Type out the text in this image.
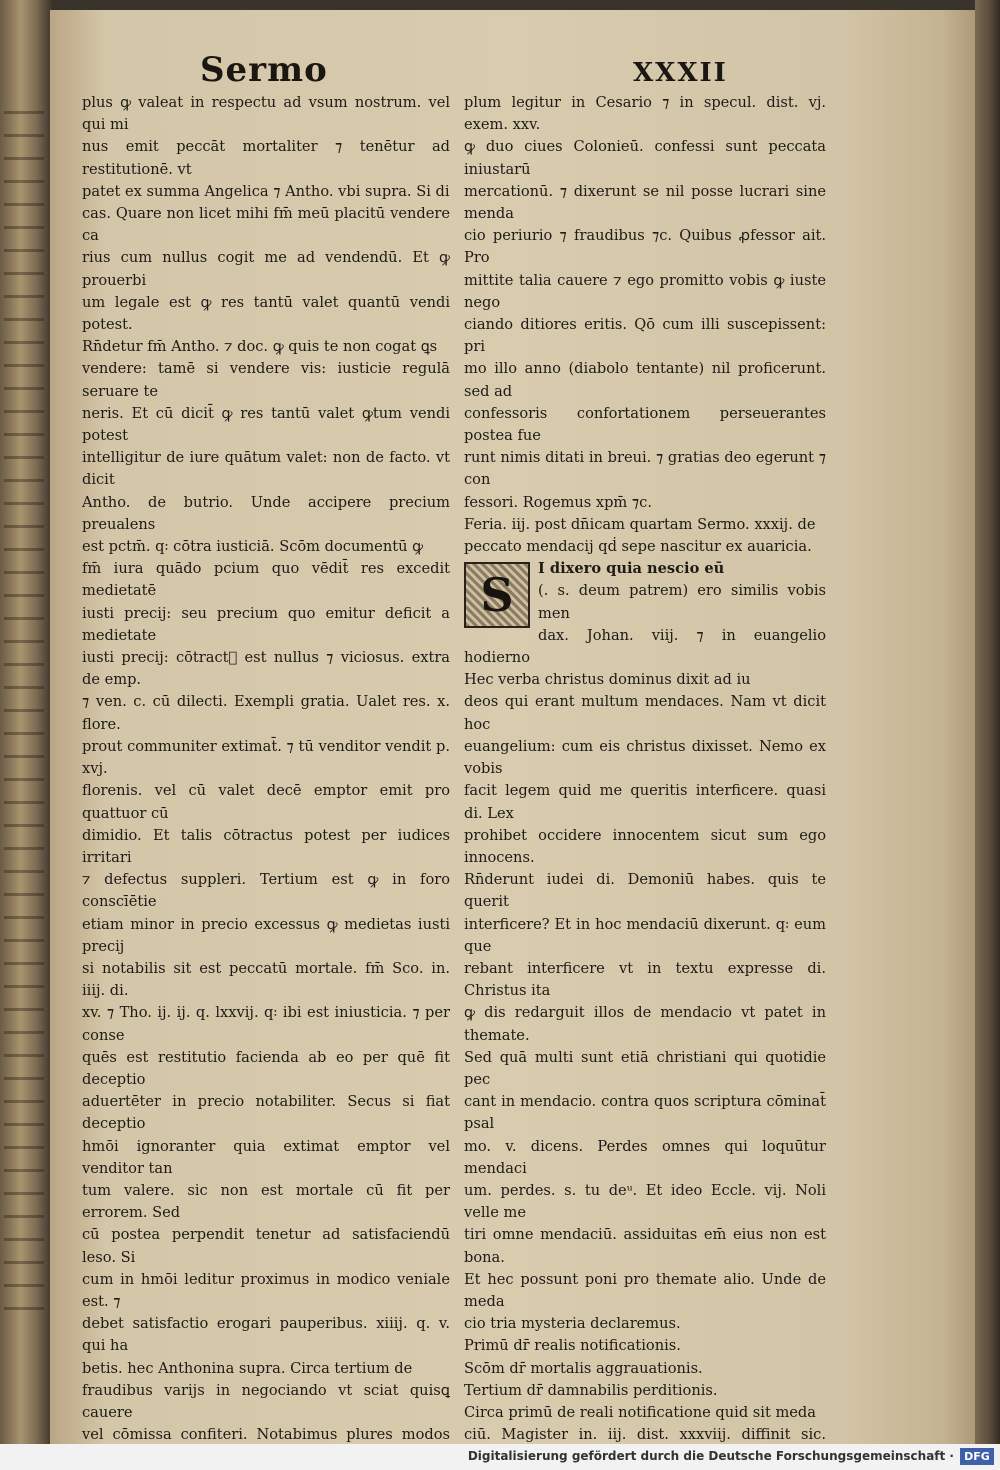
Sermo	XXXII

plus ꝙ valeat in respectu ad vsum nostrum. vel qui mi

nus emit peccāt mortaliter ⁊ tenētur ad restitutionē. vt

patet ex summa Angelica ⁊ Antho. vbi supra. Si di

cas. Quare non licet mihi fm̄ meū placitū vendere ca

rius cum nullus cogit me ad vendendū. Et ꝙ prouerbi

um legale est ꝙ res tantū valet quantū vendi potest.

Rn̄detur fm̄ Antho. ⁊ doc. ꝙ quis te non cogat ꝗs

vendere: tamē si vendere vis: iusticie regulā seruare te

neris. Et cū dicit̄ ꝙ res tantū valet ꝙtum vendi potest

intelligitur de iure quātum valet: non de facto. vt dicit

Antho. de butrio. Unde accipere precium preualens

est pctm̄. q꞉ cōtra iusticiā. Scōm documentū ꝙ

fm̄ iura quādo pcium quo vēdit̄ res excedit medietatē

iusti precij: seu precium quo emitur deficit a medietate

iusti precij: cōtract᷒ est nullus ⁊ viciosus. extra de emp.

⁊ ven. c. cū dilecti. Exempli gratia. Ualet res. x. flore.

prout communiter extimat̄. ⁊ tū venditor vendit p. xvj.

florenis. vel cū valet decē emptor emit pro quattuor cū

dimidio. Et talis cōtractus potest per iudices irritari

⁊ defectus suppleri. Tertium est ꝙ in foro conscīētie

etiam minor in precio excessus ꝙ medietas iusti precij

si notabilis sit est peccatū mortale. fm̄ Sco. in. iiij. di.

xv. ⁊ Tho. ij. ij. q. lxxvij. q꞉ ibi est iniusticia. ⁊ per conse

quēs est restitutio facienda ab eo per quē fit deceptio

aduertēter in precio notabiliter. Secus si fiat deceptio

hmōi ignoranter quia extimat emptor vel venditor tan

tum valere. sic non est mortale cū fit per errorem. Sed

cū postea perpendit tenetur ad satisfaciendū leso. Si

cum in hmōi leditur proximus in modico veniale est. ⁊

debet satisfactio erogari pauperibus. xiiij. q. v. qui ha

betis. hec Anthonina supra. Circa tertium de

fraudibus varijs in negociando vt sciat quisꝗ cauere

vel cōmissa confiteri. Notabimus plures modos

plum legitur in Cesario ⁊ in specul. dist. vj. exem. xxv.

ꝙ duo ciues Colonieū. confessi sunt peccata iniustarū

mercationū. ⁊ dixerunt se nil posse lucrari sine menda

cio periurio ⁊ fraudibus ⁊c. Quibus ꝓfessor ait. Pro

mittite talia cauere ⁊ ego promitto vobis ꝙ iuste nego

ciando ditiores eritis. Qō cum illi suscepissent: pri

mo illo anno (diabolo tentante) nil proficerunt. sed ad

confessoris confortationem perseuerantes postea fue

runt nimis ditati in breui. ⁊ gratias deo egerunt ⁊ con

fessori. Rogemus xpm̄ ⁊c.

Feria. iij. post dn̄icam quartam Sermo. xxxij. de

peccato mendacij qḋ sepe nascitur ex auaricia.

S	I dixero quia nescio eū

(. s. deum patrem) ero similis vobis men

dax. Johan. viij. ⁊ in euangelio hodierno

Hec verba christus dominus dixit ad iu

deos qui erant multum mendaces. Nam vt dicit hoc

euangelium: cum eis christus dixisset. Nemo ex vobis

facit legem quid me queritis interficere. quasi di. Lex

prohibet occidere innocentem sicut sum ego innocens.

Rn̄derunt iudei di. Demoniū habes. quis te querit

interficere? Et in hoc mendaciū dixerunt. q꞉ eum que

rebant interficere vt in textu expresse di. Christus ita

ꝙ dis redarguit illos de mendacio vt patet in themate.

Sed quā multi sunt etiā christiani qui quotidie pec

cant in mendacio. contra quos scriptura cōminat̄ psal

mo. v. dicens. Perdes omnes qui loquūtur mendaci

um. perdes. s. tu deᵘ. Et ideo Eccle. vij. Noli velle me

tiri omne mendaciū. assiduitas em̄ eius non est bona.

Et hec possunt poni pro themate alio. Unde de meda

cio tria mysteria declaremus.

Primū dr̄ realis notificationis.

Scōm dr̄ mortalis aggrauationis.

Tertium dr̄ damnabilis perditionis.

Circa primū de reali notificatione quid sit meda

ciū. Magister in. iij. dist. xxxviij. diffinit sic.

Digitalisierung gefördert durch die Deutsche Forschungsgemeinschaft · DFG
